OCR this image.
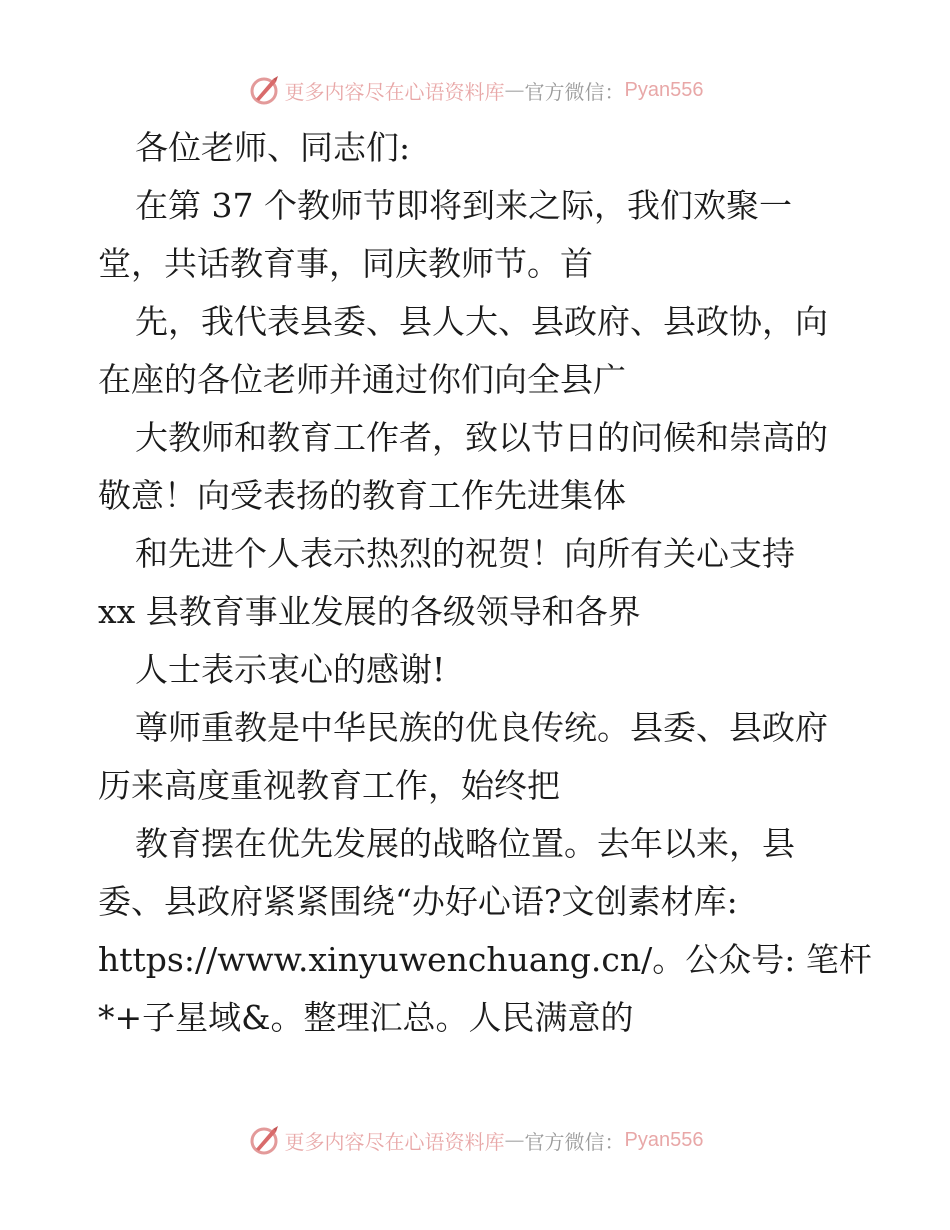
更多内容尽在心语资料库 — 官方微信： Pyan556
各位老师、同志们:
在第 37 个教师节即将到来之际，我们欢聚一
堂，共话教育事，同庆教师节。首
先，我代表县委、县人大、县政府、县政协，向
在座的各位老师并通过你们向全县广
大教师和教育工作者，致以节日的问候和崇高的
敬意！向受表扬的教育工作先进集体
和先进个人表示热烈的祝贺！向所有关心支持
xx 县教育事业发展的各级领导和各界
人士表示衷心的感谢!
尊师重教是中华民族的优良传统。县委、县政府
历来高度重视教育工作，始终把
教育摆在优先发展的战略位置。去年以来，县
委、县政府紧紧围绕“办好心语?文创素材库:
https://www.xinyuwenchuang.cn/。公众号: 笔杆
*+子星域&。整理汇总。人民满意的
更多内容尽在心语资料库 — 官方微信： Pyan556
